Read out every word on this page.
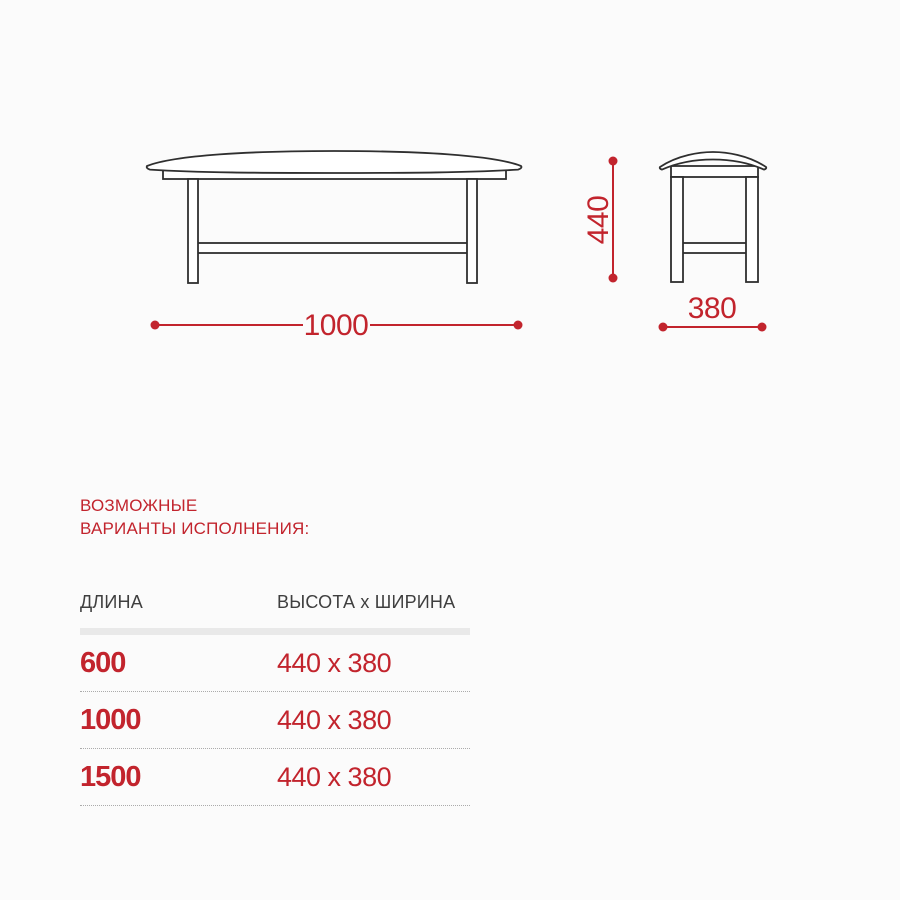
1000
440
380
ВОЗМОЖНЫЕ
ВАРИАНТЫ ИСПОЛНЕНИЯ:
ДЛИНА	ВЫСОТА x ШИРИНА
600	440 x 380
1000	440 x 380
1500	440 x 380
